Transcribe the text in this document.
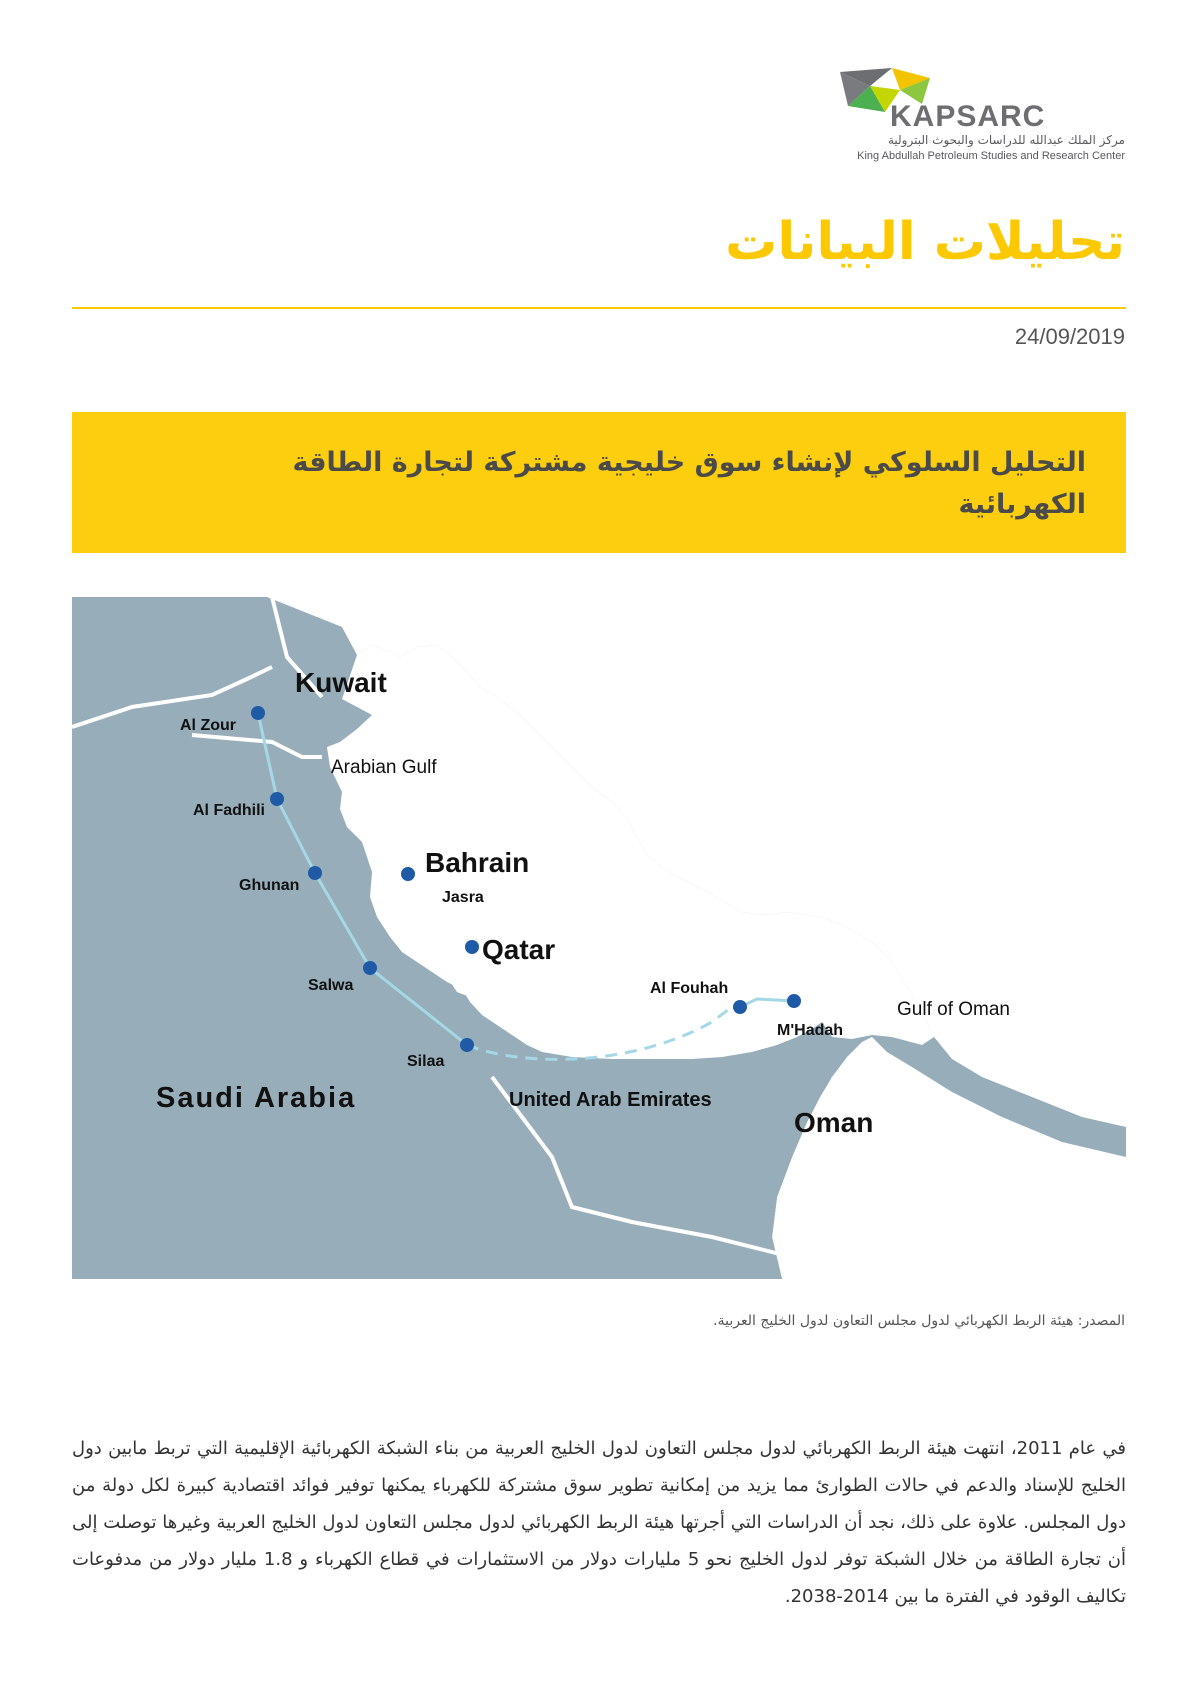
KAPSARC
مركز الملك عبدالله للدراسات والبحوث البترولية
King Abdullah Petroleum Studies and Research Center
تحليلات البيانات
24/09/2019
التحليل السلوكي لإنشاء سوق خليجية مشتركة لتجارة الطاقة الكهربائية
Kuwait
Bahrain
Qatar
Saudi Arabia	United Arab Emirates
Oman
Arabian Gulf
Gulf of Oman
Al Zour
Al Fadhili
Ghunan
Salwa
Silaa
Jasra
Al Fouhah
M'Hadah
المصدر: هيئة الربط الكهربائي لدول مجلس التعاون لدول الخليج العربية.

في عام 2011، انتهت هيئة الربط الكهربائي لدول مجلس التعاون لدول الخليج العربية من بناء الشبكة الكهربائية الإقليمية التي تربط مابين دول الخليج للإسناد والدعم في حالات الطوارئ مما يزيد من إمكانية تطوير سوق مشتركة للكهرباء يمكنها توفير فوائد اقتصادية كبيرة لكل دولة من دول المجلس. علاوة على ذلك، نجد أن الدراسات التي أجرتها هيئة الربط الكهربائي لدول مجلس التعاون لدول الخليج العربية وغيرها توصلت إلى أن تجارة الطاقة من خلال الشبكة توفر لدول الخليج نحو 5 مليارات دولار من الاستثمارات في قطاع الكهرباء و 1.8 مليار دولار من مدفوعات تكاليف الوقود في الفترة ما بين 2014-2038.
